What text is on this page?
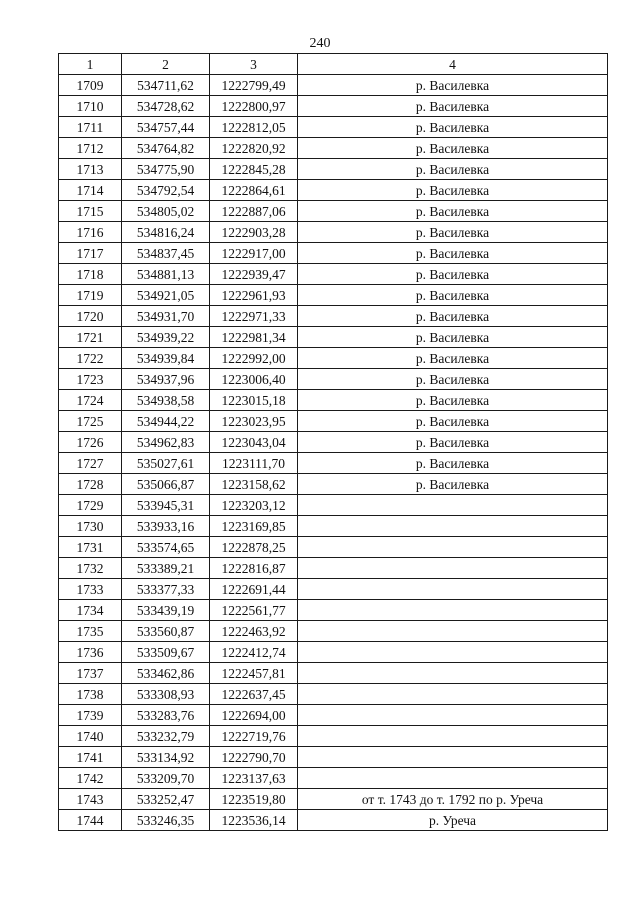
240
1	2	3	4
1709	534711,62	1222799,49	р. Василевка
1710	534728,62	1222800,97	р. Василевка
1711	534757,44	1222812,05	р. Василевка
1712	534764,82	1222820,92	р. Василевка
1713	534775,90	1222845,28	р. Василевка
1714	534792,54	1222864,61	р. Василевка
1715	534805,02	1222887,06	р. Василевка
1716	534816,24	1222903,28	р. Василевка
1717	534837,45	1222917,00	р. Василевка
1718	534881,13	1222939,47	р. Василевка
1719	534921,05	1222961,93	р. Василевка
1720	534931,70	1222971,33	р. Василевка
1721	534939,22	1222981,34	р. Василевка
1722	534939,84	1222992,00	р. Василевка
1723	534937,96	1223006,40	р. Василевка
1724	534938,58	1223015,18	р. Василевка
1725	534944,22	1223023,95	р. Василевка
1726	534962,83	1223043,04	р. Василевка
1727	535027,61	1223111,70	р. Василевка
1728	535066,87	1223158,62	р. Василевка
1729	533945,31	1223203,12	
1730	533933,16	1223169,85	
1731	533574,65	1222878,25	
1732	533389,21	1222816,87	
1733	533377,33	1222691,44	
1734	533439,19	1222561,77	
1735	533560,87	1222463,92	
1736	533509,67	1222412,74	
1737	533462,86	1222457,81	
1738	533308,93	1222637,45	
1739	533283,76	1222694,00	
1740	533232,79	1222719,76	
1741	533134,92	1222790,70	
1742	533209,70	1223137,63	
1743	533252,47	1223519,80	от т. 1743 до т. 1792 по р. Уреча
1744	533246,35	1223536,14	р. Уреча
